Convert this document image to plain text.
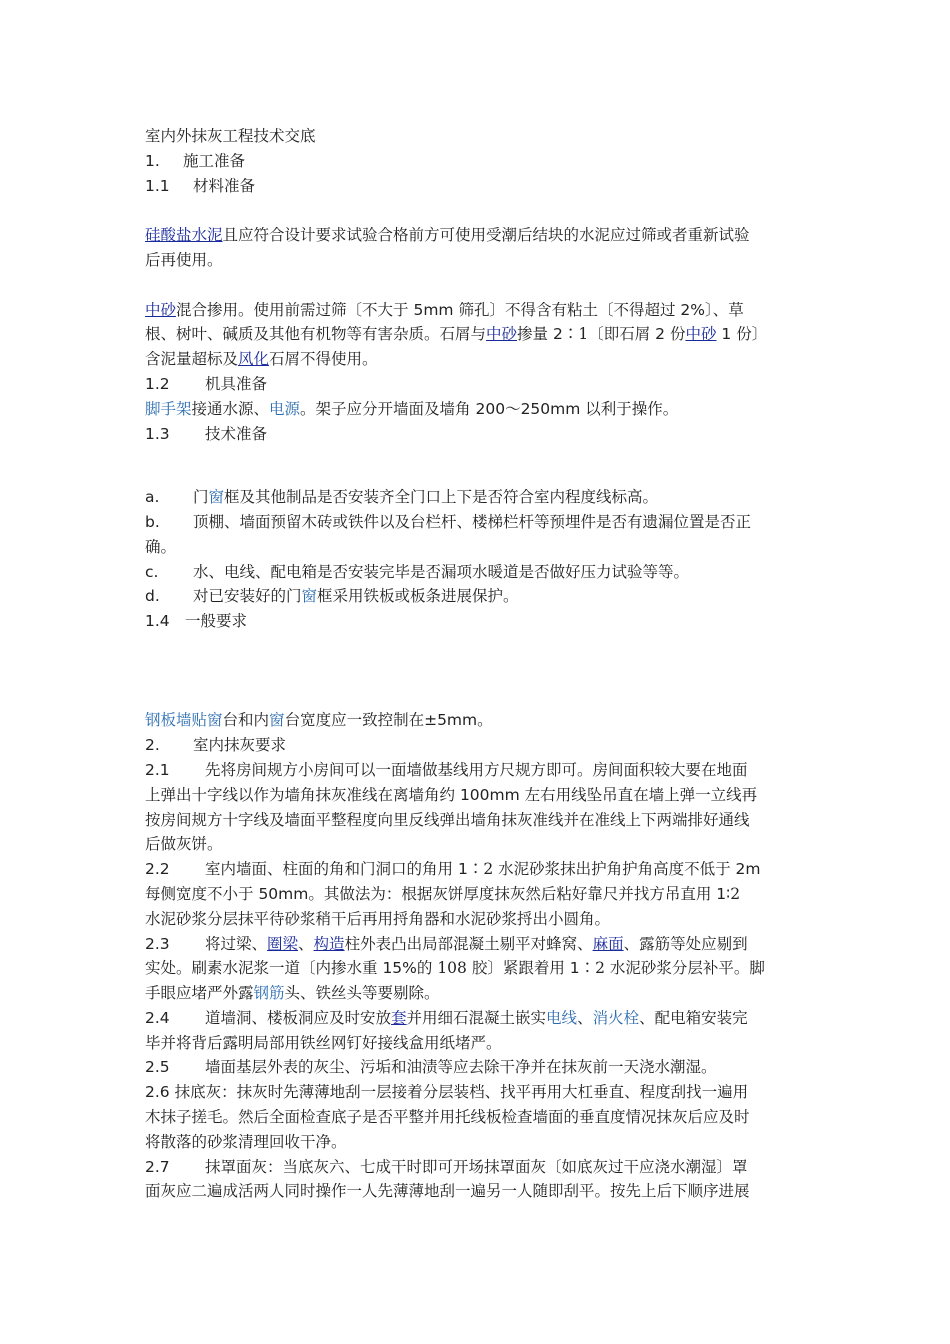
室内外抹灰工程技术交底
1. 施工准备
1.1 材料准备
硅酸盐水泥且应符合设计要求试验合格前方可使用受潮后结块的水泥应过筛或者重新试验
后再使用。
中砂混合掺用。使用前需过筛〔不大于 5mm 筛孔〕不得含有粘土〔不得超过 2%〕、草
根、树叶、碱质及其他有机物等有害杂质。石屑与中砂掺量 2∶1〔即石屑 2 份中砂 1 份〕
含泥量超标及风化石屑不得使用。
1.2 机具准备
脚手架接通水源、电源。架子应分开墙面及墙角 200～250mm 以利于操作。
1.3 技术准备
a. 门窗框及其他制品是否安装齐全门口上下是否符合室内程度线标高。
b. 顶棚、墙面预留木砖或铁件以及台栏杆、楼梯栏杆等预埋件是否有遗漏位置是否正
确。
c. 水、电线、配电箱是否安装完毕是否漏项水暖道是否做好压力试验等等。
d. 对已安装好的门窗框采用铁板或板条进展保护。
1.4 一般要求
钢板墙贴窗台和内窗台宽度应一致控制在±5mm。
2. 室内抹灰要求
2.1 先将房间规方小房间可以一面墙做基线用方尺规方即可。房间面积较大要在地面
上弹出十字线以作为墙角抹灰准线在离墙角约 100mm 左右用线坠吊直在墙上弹一立线再
按房间规方十字线及墙面平整程度向里反线弹出墙角抹灰准线并在准线上下两端排好通线
后做灰饼。
2.2 室内墙面、柱面的角和门洞口的角用 1∶2 水泥砂浆抹出护角护角高度不低于 2m
每侧宽度不小于 50mm。其做法为：根据灰饼厚度抹灰然后粘好靠尺并找方吊直用 1∶2
水泥砂浆分层抹平待砂浆稍干后再用捋角器和水泥砂浆捋出小圆角。
2.3 将过梁、圈梁、构造柱外表凸出局部混凝土剔平对蜂窝、麻面、露筋等处应剔到
实处。刷素水泥浆一道〔内掺水重 15%的 108 胶〕紧跟着用 1∶2 水泥砂浆分层补平。脚
手眼应堵严外露钢筋头、铁丝头等要剔除。
2.4 道墙洞、楼板洞应及时安放套并用细石混凝土嵌实电线、消火栓、配电箱安装完
毕并将背后露明局部用铁丝网钉好接线盒用纸堵严。
2.5 墙面基层外表的灰尘、污垢和油渍等应去除干净并在抹灰前一天浇水潮湿。
2.6 抹底灰：抹灰时先薄薄地刮一层接着分层装档、找平再用大杠垂直、程度刮找一遍用
木抹子搓毛。然后全面检查底子是否平整并用托线板检查墙面的垂直度情况抹灰后应及时
将散落的砂浆清理回收干净。
2.7 抹罩面灰：当底灰六、七成干时即可开场抹罩面灰〔如底灰过干应浇水潮湿〕罩
面灰应二遍成活两人同时操作一人先薄薄地刮一遍另一人随即刮平。按先上后下顺序进展
